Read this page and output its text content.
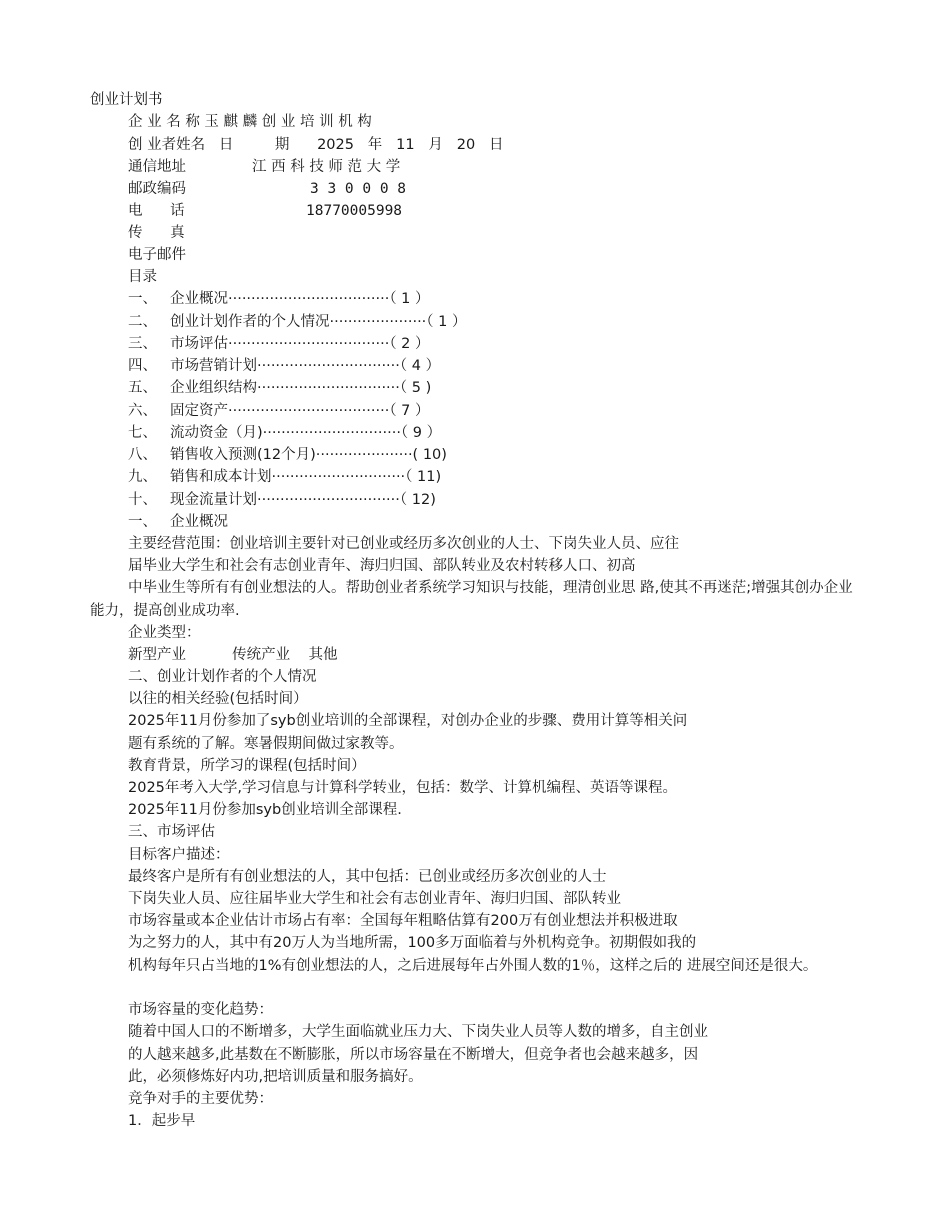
创业计划书
企 业 名 称 玉 麒 麟 创 业 培 训 机 构
创 业者姓名   日         期      2025   年   11   月   20   日
通信地址	江 西 科 技 师 范 大 学
邮政编码	3 3 0 0 0 8
电      话	18770005998
传      真
电子邮件
目录
一、 企业概况···································（ 1 ）
二、 创业计划作者的个人情况·····················（ 1 ）
三、 市场评估···································（ 2 ）
四、 市场营销计划·······························（ 4 ）
五、 企业组织结构·······························（ 5 )
六、 固定资产···································（ 7 ）
七、 流动资金（月)······························（ 9 ）
八、 销售收入预测(12个月)·····················( 10)
九、 销售和成本计划·····························（ 11)
十、 现金流量计划·······························（ 12)
一、 企业概况
主要经营范围：创业培训主要针对已创业或经历多次创业的人士、下岗失业人员、应往
届毕业大学生和社会有志创业青年、海归归国、部队转业及农村转移人口、初高
中毕业生等所有有创业想法的人。帮助创业者系统学习知识与技能，理清创业思 路,使其不再迷茫;增强其创办企业能力，提高创业成功率.
企业类型：
新型产业          传统产业    其他
二、创业计划作者的个人情况
以往的相关经验(包括时间）
2025年11月份参加了syb创业培训的全部课程，对创办企业的步骤、费用计算等相关问
题有系统的了解。寒暑假期间做过家教等。
教育背景，所学习的课程(包括时间）
2025年考入大学,学习信息与计算科学转业，包括：数学、计算机编程、英语等课程。
2025年11月份参加syb创业培训全部课程.
三、市场评估
目标客户描述：
最终客户是所有有创业想法的人，其中包括：已创业或经历多次创业的人士
下岗失业人员、应往届毕业大学生和社会有志创业青年、海归归国、部队转业
市场容量或本企业估计市场占有率：全国每年粗略估算有200万有创业想法并积极进取
为之努力的人，其中有20万人为当地所需，100多万面临着与外机构竞争。初期假如我的
机构每年只占当地的1%有创业想法的人，之后进展每年占外围人数的1％，这样之后的 进展空间还是很大。
市场容量的变化趋势：
随着中国人口的不断增多，大学生面临就业压力大、下岗失业人员等人数的增多，自主创业
的人越来越多,此基数在不断膨胀，所以市场容量在不断增大，但竞争者也会越来越多，因
此，必须修炼好内功,把培训质量和服务搞好。
竞争对手的主要优势：
1．起步早
